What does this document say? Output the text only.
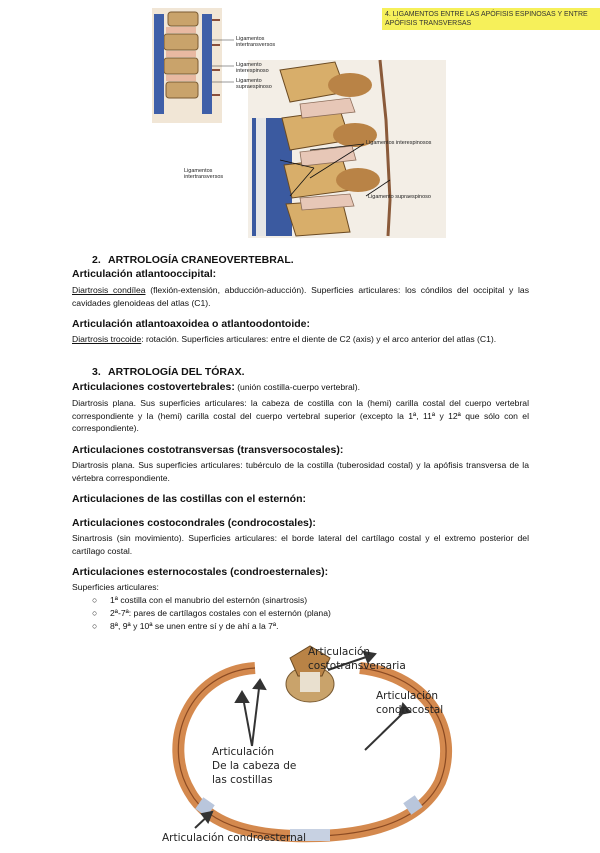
4. LIGAMENTOS ENTRE LAS APÓFISIS ESPINOSAS Y ENTRE APÓFISIS TRANSVERSAS
Ligamentos intertransversos
Ligamento interespinoso
Ligamento supraespinoso
Ligamentos interespinosos
Ligamentos intertransversos
Ligamento supraespinoso
2. ARTROLOGÍA CRANEOVERTEBRAL.
Articulación atlantooccipital:
Diartrosis condílea (flexión-extensión, abducción-aducción). Superficies articulares: los cóndilos del occipital y las cavidades glenoideas del atlas (C1).
Articulación atlantoaxoidea o atlantoodontoide:
Diartrosis trocoide: rotación. Superficies articulares: entre el diente de C2 (axis) y el arco anterior del atlas (C1).
3. ARTROLOGÍA DEL TÓRAX.
Articulaciones costovertebrales: (unión costilla-cuerpo vertebral).
Diartrosis plana. Sus superficies articulares: la cabeza de costilla con la (hemi) carilla costal del cuerpo vertebral correspondiente y la (hemi) carilla costal del cuerpo vertebral superior (excepto la 1ª, 11ª y 12ª que sólo con el correspondiente).
Articulaciones costotransversas (transversocostales):
Diartrosis plana. Sus superficies articulares: tubérculo de la costilla (tuberosidad costal) y la apófisis transversa de la vértebra correspondiente.
Articulaciones de las costillas con el esternón:
Articulaciones costocondrales (condrocostales):
Sinartrosis (sin movimiento). Superficies articulares: el borde lateral del cartílago costal y el extremo posterior del cartílago costal.
Articulaciones esternocostales (condroesternales):
Superficies articulares:
○ 1ª costilla con el manubrio del esternón (sinartrosis)
○ 2ª-7ª: pares de cartílagos costales con el esternón (plana)
○ 8ª, 9ª y 10ª se unen entre sí y de ahí a la 7ª.
Articulación
costotransversaria
Articulación
condrocostal
Articulación
De la cabeza de
las costillas
Articulación condroesternal
